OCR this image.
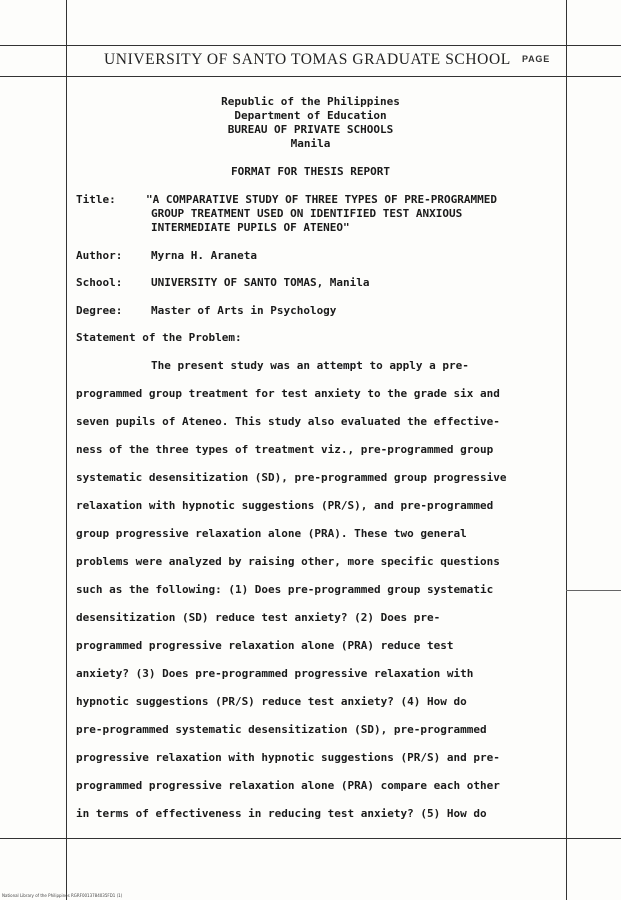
UNIVERSITY OF SANTO TOMAS GRADUATE SCHOOL PAGE
Republic of the Philippines
Department of Education
BUREAU OF PRIVATE SCHOOLS
Manila
FORMAT FOR THESIS REPORT
Title:	"A COMPARATIVE STUDY OF THREE TYPES OF PRE-PROGRAMMED
GROUP TREATMENT USED ON IDENTIFIED TEST ANXIOUS
INTERMEDIATE PUPILS OF ATENEO"
Author:	Myrna H. Araneta
School:	UNIVERSITY OF SANTO TOMAS, Manila
Degree:	Master of Arts in Psychology
Statement of the Problem:
The present study was an attempt to apply a pre-
programmed group treatment for test anxiety to the grade six and
seven pupils of Ateneo. This study also evaluated the effective-
ness of the three types of treatment viz., pre-programmed group
systematic desensitization (SD), pre-programmed group progressive
relaxation with hypnotic suggestions (PR/S), and pre-programmed
group progressive relaxation alone (PRA). These two general
problems were analyzed by raising other, more specific questions
such as the following: (1) Does pre-programmed group systematic
desensitization (SD) reduce test anxiety? (2) Does pre-
programmed progressive relaxation alone (PRA) reduce test
anxiety? (3) Does pre-programmed progressive relaxation with
hypnotic suggestions (PR/S) reduce test anxiety? (4) How do
pre-programmed systematic desensitization (SD), pre-programmed
progressive relaxation with hypnotic suggestions (PR/S) and pre-
programmed progressive relaxation alone (PRA) compare each other
in terms of effectiveness in reducing test anxiety? (5) How do
National Library of the Philippines RGRF0013784035FD1 (1)
